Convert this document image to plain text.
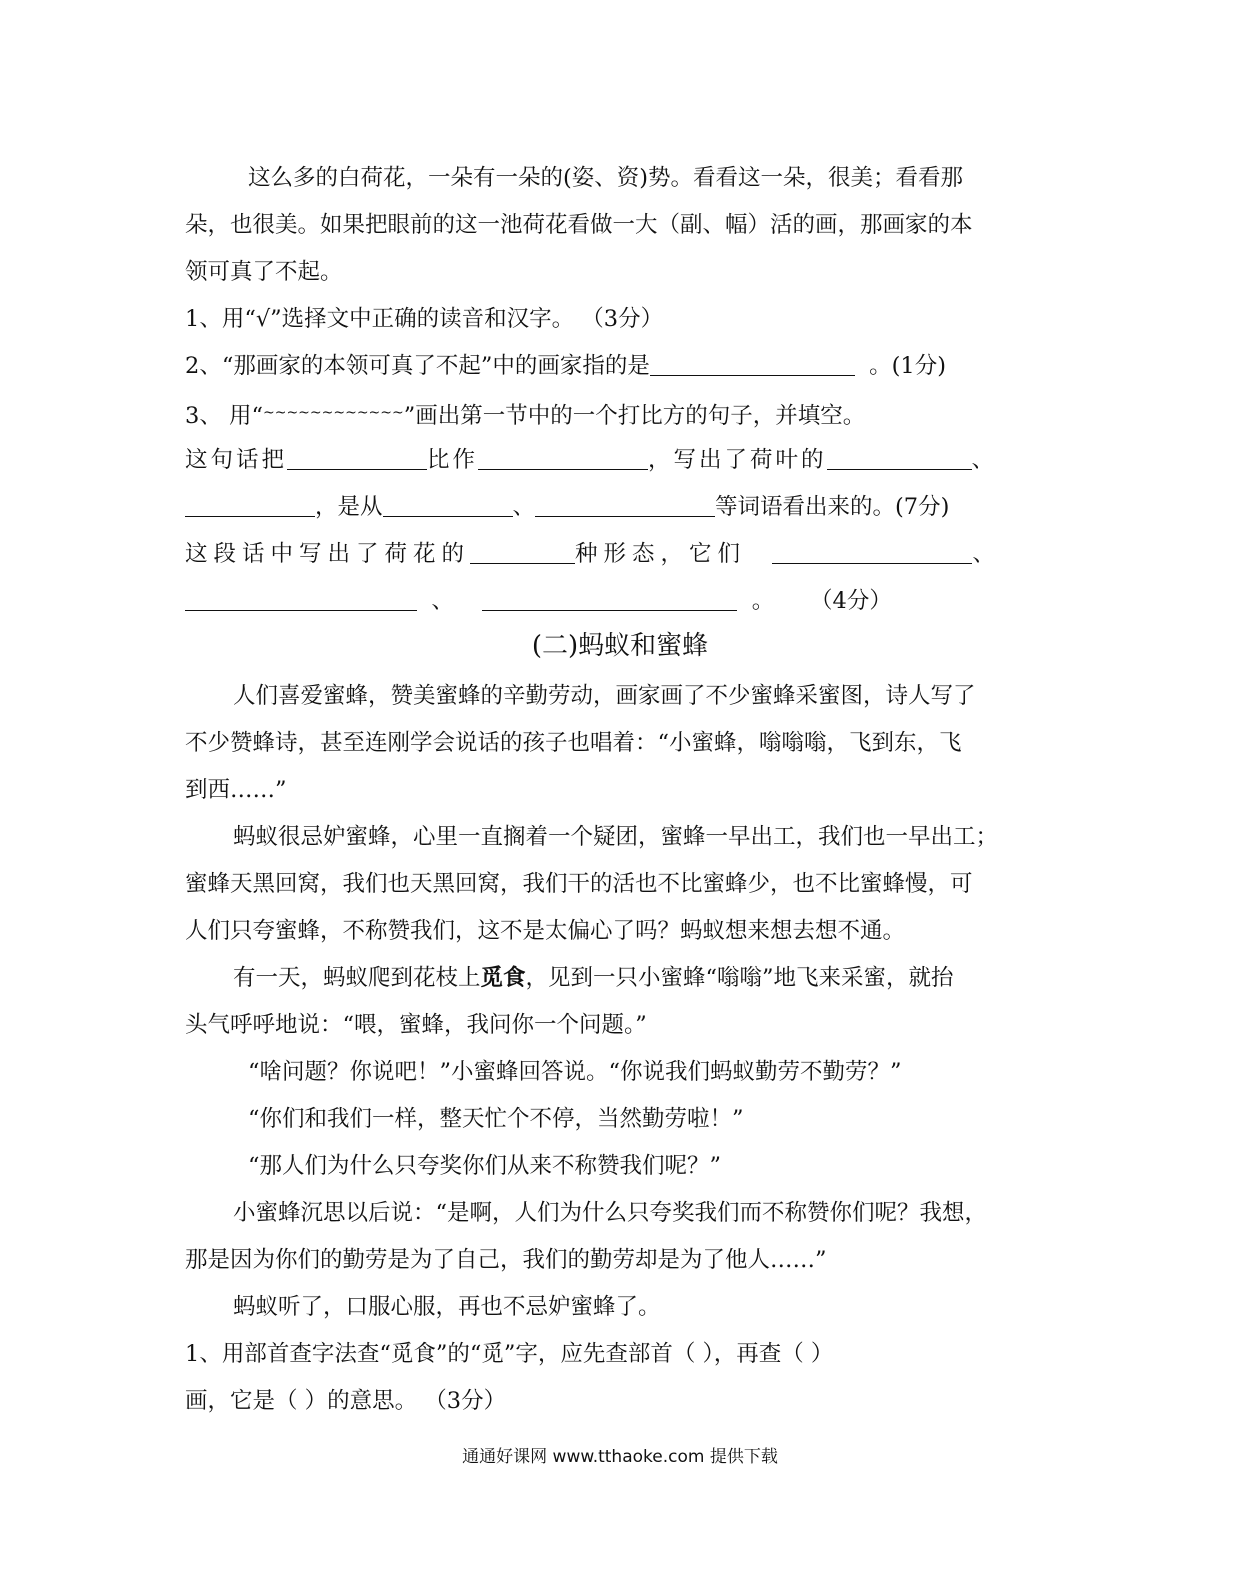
这么多的白荷花，一朵有一朵的(姿、资)势。看看这一朵，很美；看看那
朵，也很美。如果把眼前的这一池荷花看做一大（副、幅）活的画，那画家的本
领可真了不起。
1、用“√”选择文中正确的读音和汉字。 （3分）
2、“那画家的本领可真了不起”中的画家指的是	。(1分)
3、 用“~~~~~~~~~~~~”画出第一节中的一个打比方的句子，并填空。
这句话把	比作	，写出了荷叶的	、
，是从	、	等词语看出来的。(7分)
这段话中写出了荷花的	种形态，它们	、
、	。 （4分）
(二)蚂蚁和蜜蜂
人们喜爱蜜蜂，赞美蜜蜂的辛勤劳动，画家画了不少蜜蜂采蜜图，诗人写了
不少赞蜂诗，甚至连刚学会说话的孩子也唱着：“小蜜蜂，嗡嗡嗡，飞到东，飞
到西……”
蚂蚁很忌妒蜜蜂，心里一直搁着一个疑团，蜜蜂一早出工，我们也一早出工；
蜜蜂天黑回窝，我们也天黑回窝，我们干的活也不比蜜蜂少，也不比蜜蜂慢，可
人们只夸蜜蜂，不称赞我们，这不是太偏心了吗？蚂蚁想来想去想不通。
有一天，蚂蚁爬到花枝上觅食，见到一只小蜜蜂“嗡嗡”地飞来采蜜，就抬
头气呼呼地说：“喂，蜜蜂，我问你一个问题。”
“啥问题？你说吧！”小蜜蜂回答说。“你说我们蚂蚁勤劳不勤劳？”
“你们和我们一样，整天忙个不停，当然勤劳啦！”
“那人们为什么只夸奖你们从来不称赞我们呢？”
小蜜蜂沉思以后说：“是啊，人们为什么只夸奖我们而不称赞你们呢？我想，
那是因为你们的勤劳是为了自己，我们的勤劳却是为了他人……”
蚂蚁听了，口服心服，再也不忌妒蜜蜂了。
1、用部首查字法查“觅食”的“觅”字，应先查部首（ ），再查（ ）
画，它是（ ）的意思。 （3分）
通通好课网 www.tthaoke.com 提供下载
